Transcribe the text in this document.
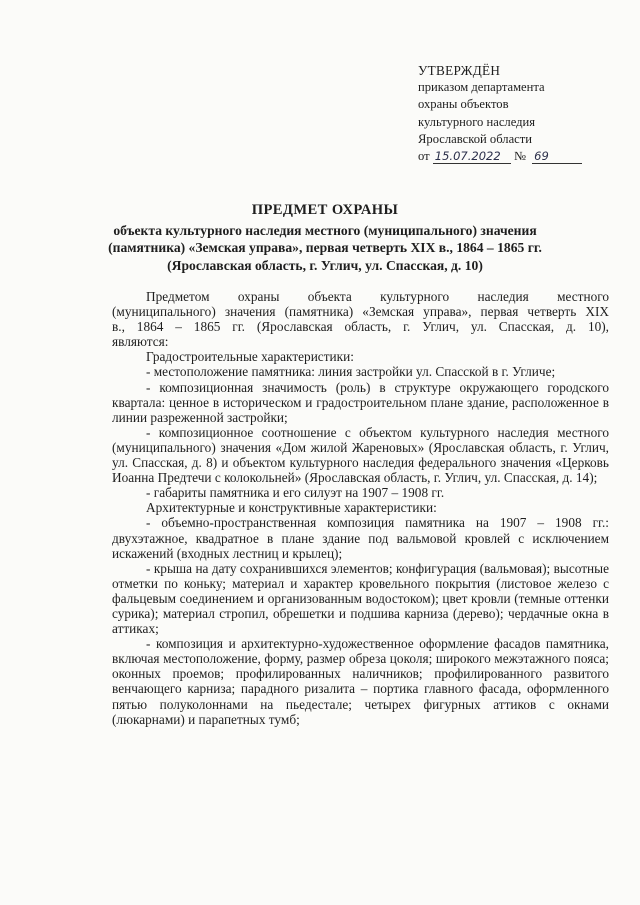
УТВЕРЖДЁН
приказом департамента
охраны объектов
культурного наследия
Ярославской области
от 15.07.2022 № 69
ПРЕДМЕТ ОХРАНЫ
объекта культурного наследия местного (муниципального) значения
(памятника) «Земская управа», первая четверть XIX в., 1864 – 1865 гг.
(Ярославская область, г. Углич, ул. Спасская, д. 10)

Предметом охраны объекта культурного наследия местного (муниципального) значения (памятника) «Земская управа», первая четверть XIX в., 1864 – 1865 гг. (Ярославская область, г. Углич, ул. Спасская, д. 10), являются:

Градостроительные характеристики:

- местоположение памятника: линия застройки ул. Спасской в г. Угличе;

- композиционная значимость (роль) в структуре окружающего городского квартала: ценное в историческом и градостроительном плане здание, расположенное в линии разреженной застройки;

- композиционное соотношение с объектом культурного наследия местного (муниципального) значения «Дом жилой Жареновых» (Ярославская область, г. Углич, ул. Спасская, д. 8) и объектом культурного наследия федерального значения «Церковь Иоанна Предтечи с колокольней» (Ярославская область, г. Углич, ул. Спасская, д. 14);

- габариты памятника и его силуэт на 1907 – 1908 гг.

Архитектурные и конструктивные характеристики:

- объемно-пространственная композиция памятника на 1907 – 1908 гг.: двухэтажное, квадратное в плане здание под вальмовой кровлей с исключением искажений (входных лестниц и крылец);

- крыша на дату сохранившихся элементов; конфигурация (вальмовая); высотные отметки по коньку; материал и характер кровельного покрытия (листовое железо с фальцевым соединением и организованным водостоком); цвет кровли (темные оттенки сурика); материал стропил, обрешетки и подшива карниза (дерево); чердачные окна в аттиках;

- композиция и архитектурно-художественное оформление фасадов памятника, включая местоположение, форму, размер обреза цоколя; широкого межэтажного пояса; оконных проемов; профилированных наличников; профилированного развитого венчающего карниза; парадного ризалита – портика главного фасада, оформленного пятью полуколоннами на пьедестале; четырех фигурных аттиков с окнами (люкарнами) и парапетных тумб;
